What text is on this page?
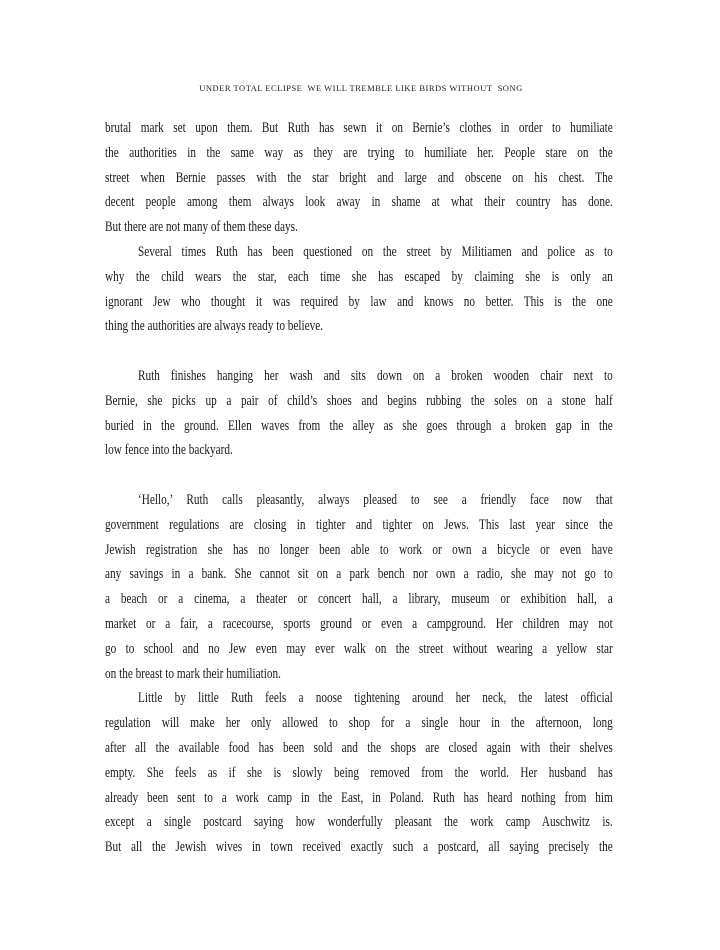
UNDER TOTAL ECLIPSE  WE WILL TREMBLE LIKE BIRDS WITHOUT  SONG
brutal mark set upon them. But Ruth has sewn it on Bernie’s clothes in order to humiliate
the authorities in the same way as they are trying to humiliate her. People stare on the
street when Bernie passes with the star bright and large and obscene on his chest. The
decent people among them always look away in shame at what their country has done.
But there are not many of them these days.
Several times Ruth has been questioned on the street by Militiamen and police as to
why the child wears the star, each time she has escaped by claiming she is only an
ignorant Jew who thought it was required by law and knows no better. This is the one
thing the authorities are always ready to believe.
Ruth finishes hanging her wash and sits down on a broken wooden chair next to
Bernie, she picks up a pair of child’s shoes and begins rubbing the soles on a stone half
buried in the ground. Ellen waves from the alley as she goes through a broken gap in the
low fence into the backyard.
‘Hello,’ Ruth calls pleasantly, always pleased to see a friendly face now that
government regulations are closing in tighter and tighter on Jews. This last year since the
Jewish registration she has no longer been able to work or own a bicycle or even have
any savings in a bank. She cannot sit on a park bench nor own a radio, she may not go to
a beach or a cinema, a theater or concert hall, a library, museum or exhibition hall, a
market or a fair, a racecourse, sports ground or even a campground. Her children may not
go to school and no Jew even may ever walk on the street without wearing a yellow star
on the breast to mark their humiliation.
Little by little Ruth feels a noose tightening around her neck, the latest official
regulation will make her only allowed to shop for a single hour in the afternoon, long
after all the available food has been sold and the shops are closed again with their shelves
empty. She feels as if she is slowly being removed from the world. Her husband has
already been sent to a work camp in the East, in Poland. Ruth has heard nothing from him
except a single postcard saying how wonderfully pleasant the work camp Auschwitz is.
But all the Jewish wives in town received exactly such a postcard, all saying precisely the
